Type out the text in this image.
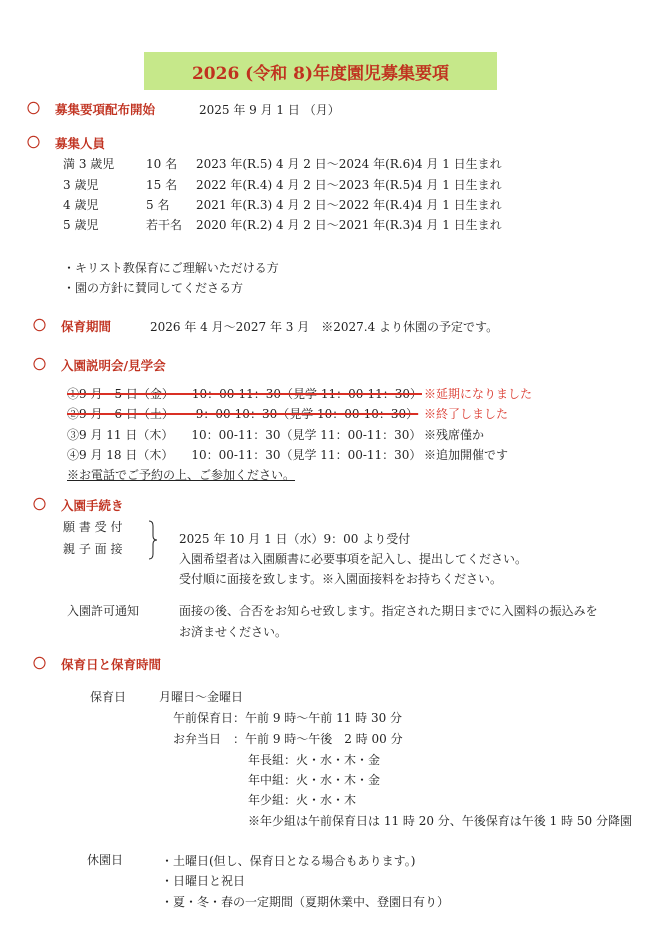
2026 (令和 8)年度園児募集要項
〇 募集要項配布開始	2025 年 9 月 1 日 （月）
〇 募集人員
満 3 歳児	10 名 2023 年(R.5) 4 月 2 日～2024 年(R.6)4 月 1 日生まれ
3 歳児	15 名 2022 年(R.4) 4 月 2 日～2023 年(R.5)4 月 1 日生まれ
4 歳児	5 名 2021 年(R.3) 4 月 2 日～2022 年(R.4)4 月 1 日生まれ
5 歳児	若干名 2020 年(R.2) 4 月 2 日～2021 年(R.3)4 月 1 日生まれ
・キリスト教保育にご理解いただける方
・園の方針に賛同してくださる方
〇 保育期間	2026 年 4 月～2027 年 3 月　※2027.4 より休園の予定です。
〇 入園説明会/見学会
①9 月　5 日（金）　　10：00-11：30（見学 11：00-11：30） ※延期になりました
②9 月　6 日（土）　　 9：00-10：30（見学 10：00-10：30） ※終了しました
③9 月 11 日（木）　　10：00-11：30（見学 11：00-11：30） ※残席僅か
④9 月 18 日（木）　　10：00-11：30（見学 11：00-11：30） ※追加開催です
※お電話でご予約の上、ご参加ください。
〇 入園手続き
願 書 受 付
親 子 面 接
2025 年 10 月 1 日（水）9：00 より受付
入園希望者は入園願書に必要事項を記入し、提出してください。
受付順に面接を致します。※入園面接料をお持ちください。
入園許可通知	面接の後、合否をお知らせ致します。指定された期日までに入園料の振込みを
お済ませください。
〇 保育日と保育時間
保育日	月曜日～金曜日
午前保育日：午前 9 時～午前 11 時 30 分
お弁当日　：午前 9 時～午後　2 時 00 分
年長組：火・水・木・金
年中組：火・水・木・金
年少組：火・水・木
※年少組は午前保育日は 11 時 20 分、午後保育は午後 1 時 50 分降園
休園日	・土曜日(但し、保育日となる場合もあります。)
・日曜日と祝日
・夏・冬・春の一定期間（夏期休業中、登園日有り）
